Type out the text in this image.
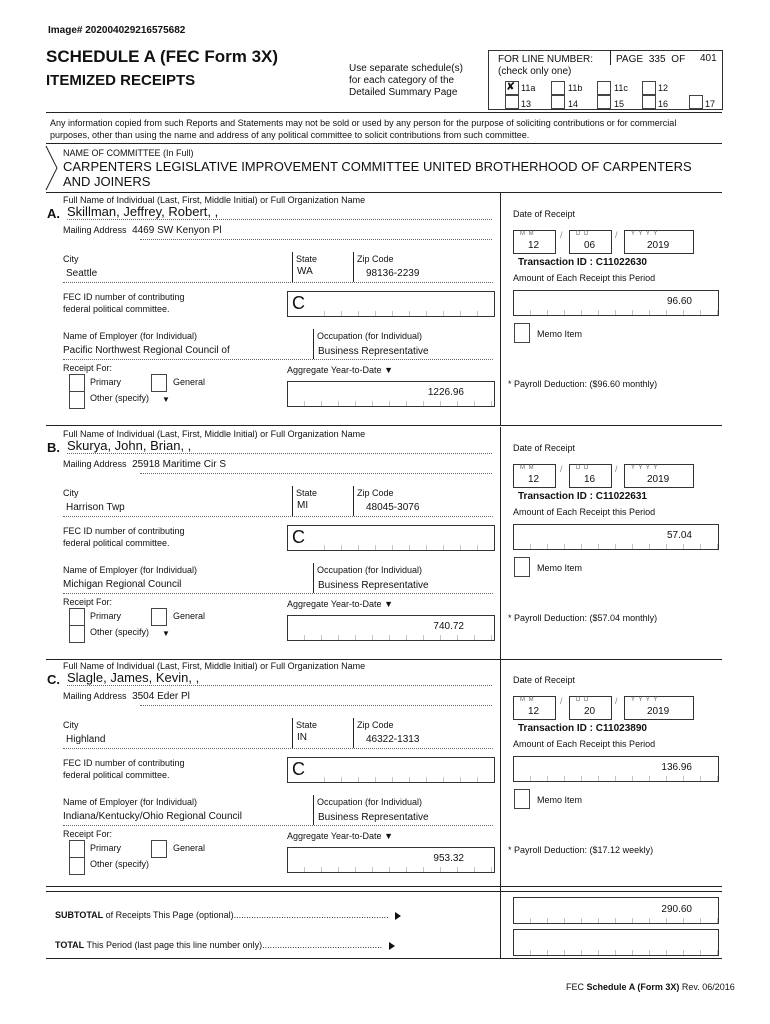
Image# 202004029216575682
SCHEDULE A (FEC Form 3X)
ITEMIZED RECEIPTS
Use separate schedule(s)
for each category of the
Detailed Summary Page
FOR LINE NUMBER:
(check only one)
PAGE 335 OF 401
✘ 11a	11b	11c	12
13	14	15	16	17
Any information copied from such Reports and Statements may not be sold or used by any person for the purpose of soliciting contributions or for commercial purposes, other than using the name and address of any political committee to solicit contributions from such committee.
NAME OF COMMITTEE (In Full)
CARPENTERS LEGISLATIVE IMPROVEMENT COMMITTEE UNITED BROTHERHOOD OF CARPENTERS AND JOINERS
Full Name of Individual (Last, First, Middle Initial) or Full Organization Name
A. Skillman, Jeffrey, Robert, ,
Mailing Address 4469 SW Kenyon Pl
City
Seattle
State
WA
Zip Code
98136-2239
FEC ID number of contributing
federal political committee.	C
Name of Employer (for Individual)
Pacific Northwest Regional Council of
Occupation (for Individual)
Business Representative
Receipt For:
Primary	General
Other (specify) ▼
Aggregate Year-to-Date ▼
1226.96
Date of Receipt
M M
12
/ D D
06
/ Y Y Y Y
2019
Transaction ID : C11022630
Amount of Each Receipt this Period
96.60
Memo Item
* Payroll Deduction: ($96.60 monthly)
Full Name of Individual (Last, First, Middle Initial) or Full Organization Name
B. Skurya, John, Brian, ,
Mailing Address 25918 Maritime Cir S
City
Harrison Twp
State
MI
Zip Code
48045-3076
FEC ID number of contributing
federal political committee.	C
Name of Employer (for Individual)
Michigan Regional Council
Occupation (for Individual)
Business Representative
Receipt For:
Primary	General
Other (specify) ▼
Aggregate Year-to-Date ▼
740.72
Date of Receipt
M M
12
/ D D
16
/ Y Y Y Y
2019
Transaction ID : C11022631
Amount of Each Receipt this Period
57.04
Memo Item
* Payroll Deduction: ($57.04 monthly)
Full Name of Individual (Last, First, Middle Initial) or Full Organization Name
C. Slagle, James, Kevin, ,
Mailing Address 3504 Eder Pl
City
Highland
State
IN
Zip Code
46322-1313
FEC ID number of contributing
federal political committee.	C
Name of Employer (for Individual)
Indiana/Kentucky/Ohio Regional Council
Occupation (for Individual)
Business Representative
Receipt For:
Primary	General
Other (specify)
Aggregate Year-to-Date ▼
953.32
Date of Receipt
M M
12
/ D D
20
/ Y Y Y Y
2019
Transaction ID : C11023890
Amount of Each Receipt this Period
136.96
Memo Item
* Payroll Deduction: ($17.12 weekly)
SUBTOTAL of Receipts This Page (optional)..............................................................	290.60
TOTAL This Period (last page this line number only)................................................
FEC Schedule A (Form 3X) Rev. 06/2016
